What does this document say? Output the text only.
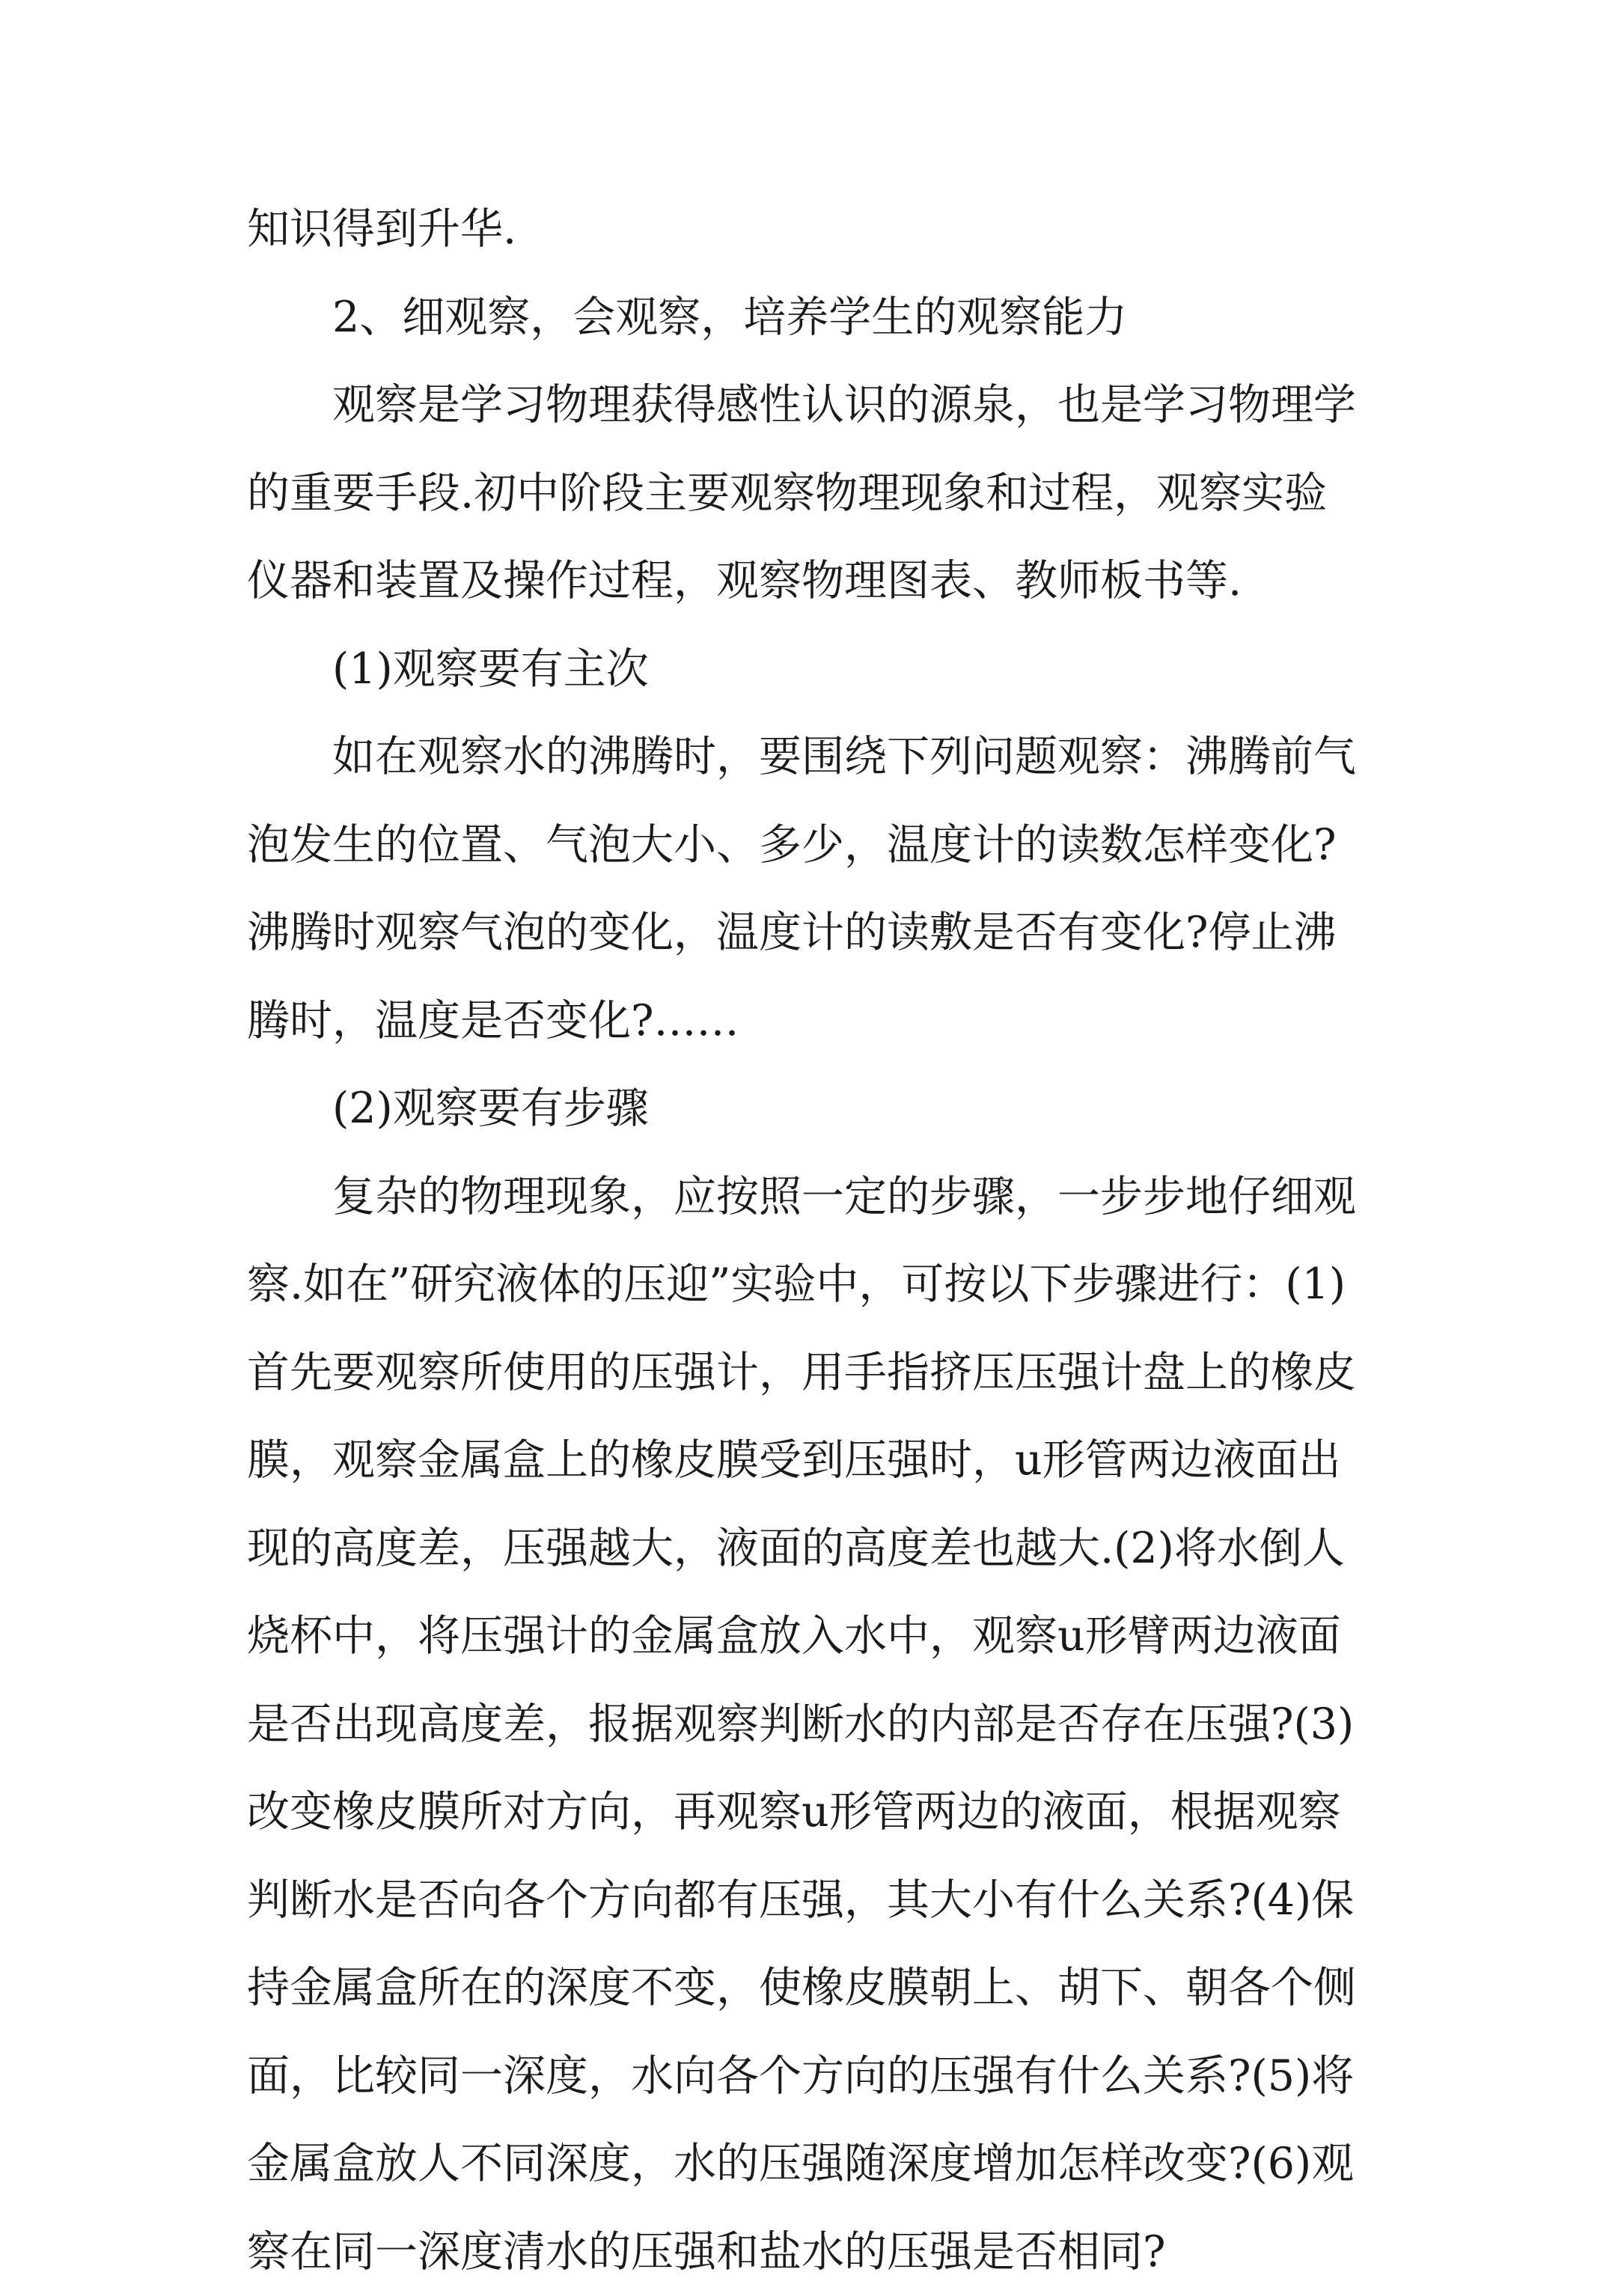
知识得到升华.
2、细观察，会观察，培养学生的观察能力
观察是学习物理获得感性认识的源泉，也是学习物理学
的重要手段.初中阶段主要观察物理现象和过程，观察实验
仪器和装置及操作过程，观察物理图表、教师板书等.
(1)观察要有主次
如在观察水的沸腾时，要围绕下列问题观察：沸腾前气
泡发生的位置、气泡大小、多少，温度计的读数怎样变化?
沸腾时观察气泡的变化，温度计的读敷是否有变化?停止沸
腾时，温度是否变化?……
(2)观察要有步骤
复杂的物理现象，应按照一定的步骤，一步步地仔细观
察.如在”研究液体的压迎”实验中，可按以下步骤进行：(1)
首先要观察所使用的压强计，用手指挤压压强计盘上的橡皮
膜，观察金属盒上的橡皮膜受到压强时，u形管两边液面出
现的高度差，压强越大，液面的高度差也越大.(2)将水倒人
烧杯中，将压强计的金属盒放入水中，观察u形臂两边液面
是否出现高度差，报据观察判断水的内部是否存在压强?(3)
改变橡皮膜所对方向，再观察u形管两边的液面，根据观察
判断水是否向各个方向都有压强，其大小有什么关系?(4)保
持金属盒所在的深度不变，使橡皮膜朝上、胡下、朝各个侧
面，比较同一深度，水向各个方向的压强有什么关系?(5)将
金属盒放人不同深度，水的压强随深度增加怎样改变?(6)观
察在同一深度清水的压强和盐水的压强是否相同?
